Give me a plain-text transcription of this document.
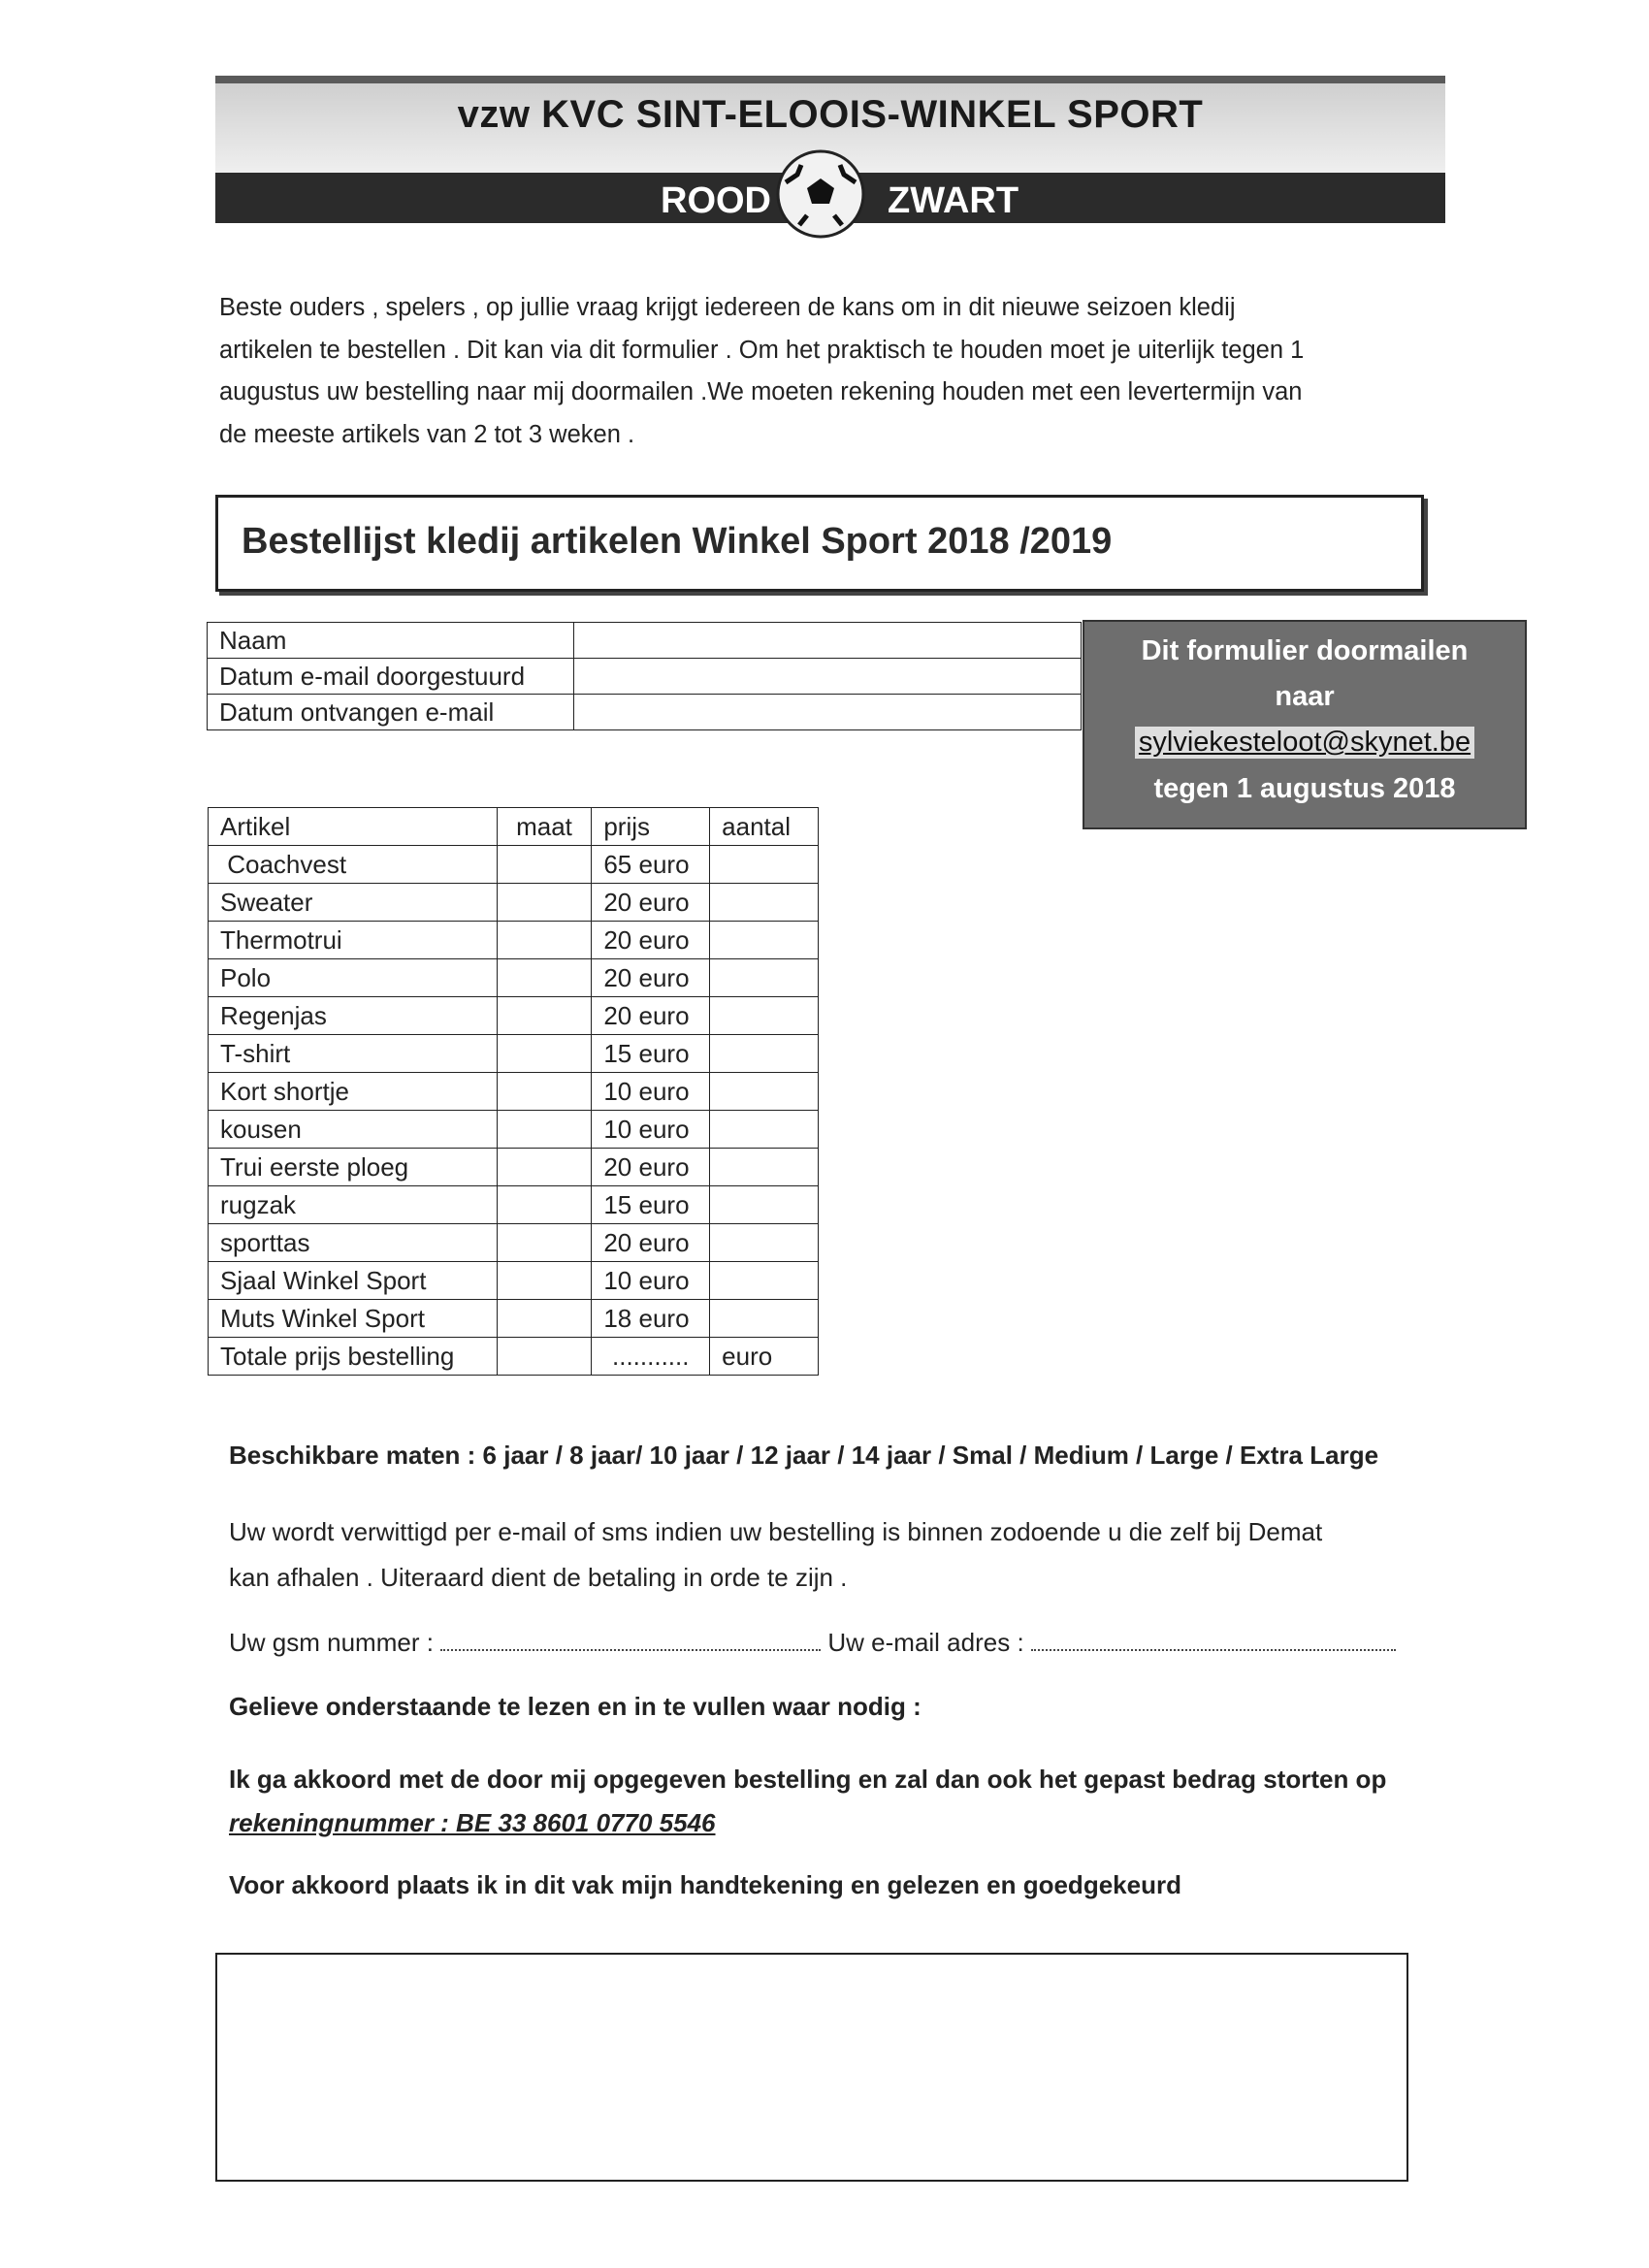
vzw KVC SINT-ELOOIS-WINKEL SPORT
ROOD	ZWART
Beste ouders , spelers , op jullie vraag krijgt iedereen de kans om in dit nieuwe seizoen kledij
artikelen te bestellen . Dit kan via dit formulier . Om het praktisch te houden moet je uiterlijk tegen 1
augustus uw bestelling naar mij doormailen .We moeten rekening houden met een levertermijn van
de meeste artikels van 2 tot 3 weken .
Bestellijst kledij artikelen Winkel Sport 2018 /2019
Naam	
Datum e-mail doorgestuurd	
Datum ontvangen e-mail	
Dit formulier doormailen
naar
sylviekesteloot@skynet.be
tegen 1 augustus 2018
Artikel	maat	prijs	aantal
Coachvest		65 euro	
Sweater		20 euro	
Thermotrui		20 euro	
Polo		20 euro	
Regenjas		20 euro	
T-shirt		15 euro	
Kort shortje		10 euro	
kousen		10 euro	
Trui eerste ploeg		20 euro	
rugzak		15 euro	
sporttas		20 euro	
Sjaal Winkel Sport		10 euro	
Muts Winkel Sport		18 euro	
Totale prijs bestelling		...........	euro
Beschikbare maten : 6 jaar / 8 jaar/ 10 jaar / 12 jaar / 14 jaar / Smal / Medium / Large / Extra Large
Uw wordt verwittigd per e-mail of sms indien uw bestelling is binnen zodoende u die zelf bij Demat
kan afhalen . Uiteraard dient de betaling in orde te zijn .
Uw gsm nummer :	Uw e-mail adres :
Gelieve onderstaande te lezen en in te vullen waar nodig :
Ik ga akkoord met de door mij opgegeven bestelling en zal dan ook het gepast bedrag storten op
rekeningnummer : BE 33 8601 0770 5546
Voor akkoord plaats ik in dit vak mijn handtekening en gelezen en goedgekeurd
